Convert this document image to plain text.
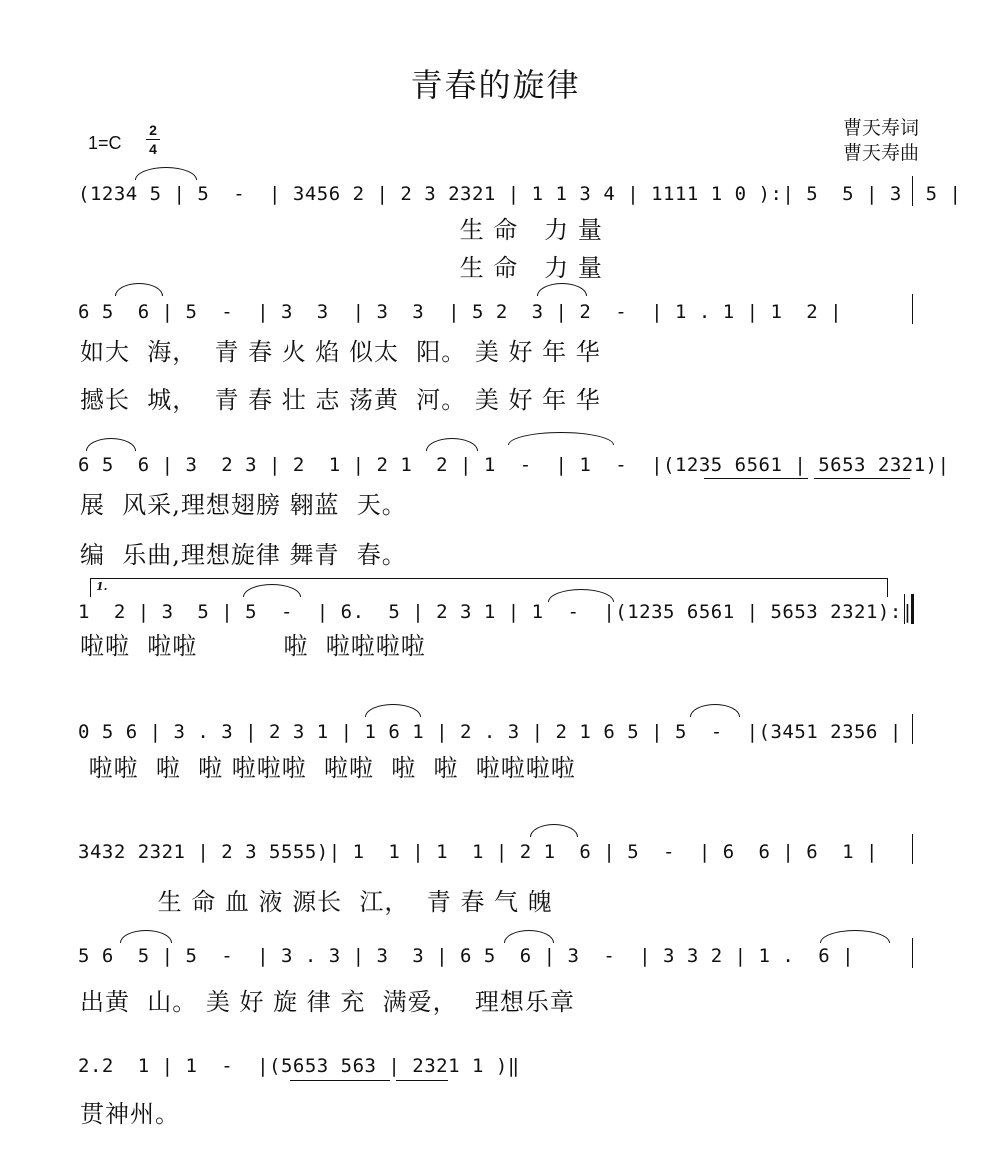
青春的旋律
曹天寿词
曹天寿曲
1=C
2
4
(1234 5 | 5  -  | 3456 2 | 2 3 2321 | 1 1 3 4 | 1111 1 0 ):| 5  5 | 3  5 |
生 命   力 量
生 命   力 量
6 5  6 | 5  -  | 3  3  | 3  3  | 5 2  3 | 2  -  | 1 . 1 | 1  2 |
如大  海，  青 春 火 焰 似太  阳。 美 好 年 华
撼长  城，  青 春 壮 志 荡黄  河。 美 好 年 华
6 5  6 | 3  2 3 | 2  1 | 2 1  2 | 1  -  | 1  -  |(1235 6561 | 5653 2321)|
展  风采,理想翅膀 翱蓝  天。
编  乐曲,理想旋律 舞青  春。
1.
1  2 | 3  5 | 5  -  | 6.  5 | 2 3 1 | 1  -  |(1235 6561 | 5653 2321):|
啦啦  啦啦          啦  啦啦啦啦
0 5 6 | 3 . 3 | 2 3 1 | 1 6 1 | 2 . 3 | 2 1 6 5 | 5  -  |(3451 2356 |
啦啦  啦  啦 啦啦啦  啦啦  啦  啦  啦啦啦啦
3432 2321 | 2 3 5555)| 1  1 | 1  1 | 2 1  6 | 5  -  | 6  6 | 6  1 |
生 命 血 液 源长  江，  青 春 气 魄
5 6  5 | 5  -  | 3 . 3 | 3  3 | 6 5  6 | 3  -  | 3 3 2 | 1 .  6 |
出黄  山。 美 好 旋 律 充  满爱，  理想乐章
2.2  1 | 1  -  |(5653 563 | 2321 1 )‖
贯神州。
